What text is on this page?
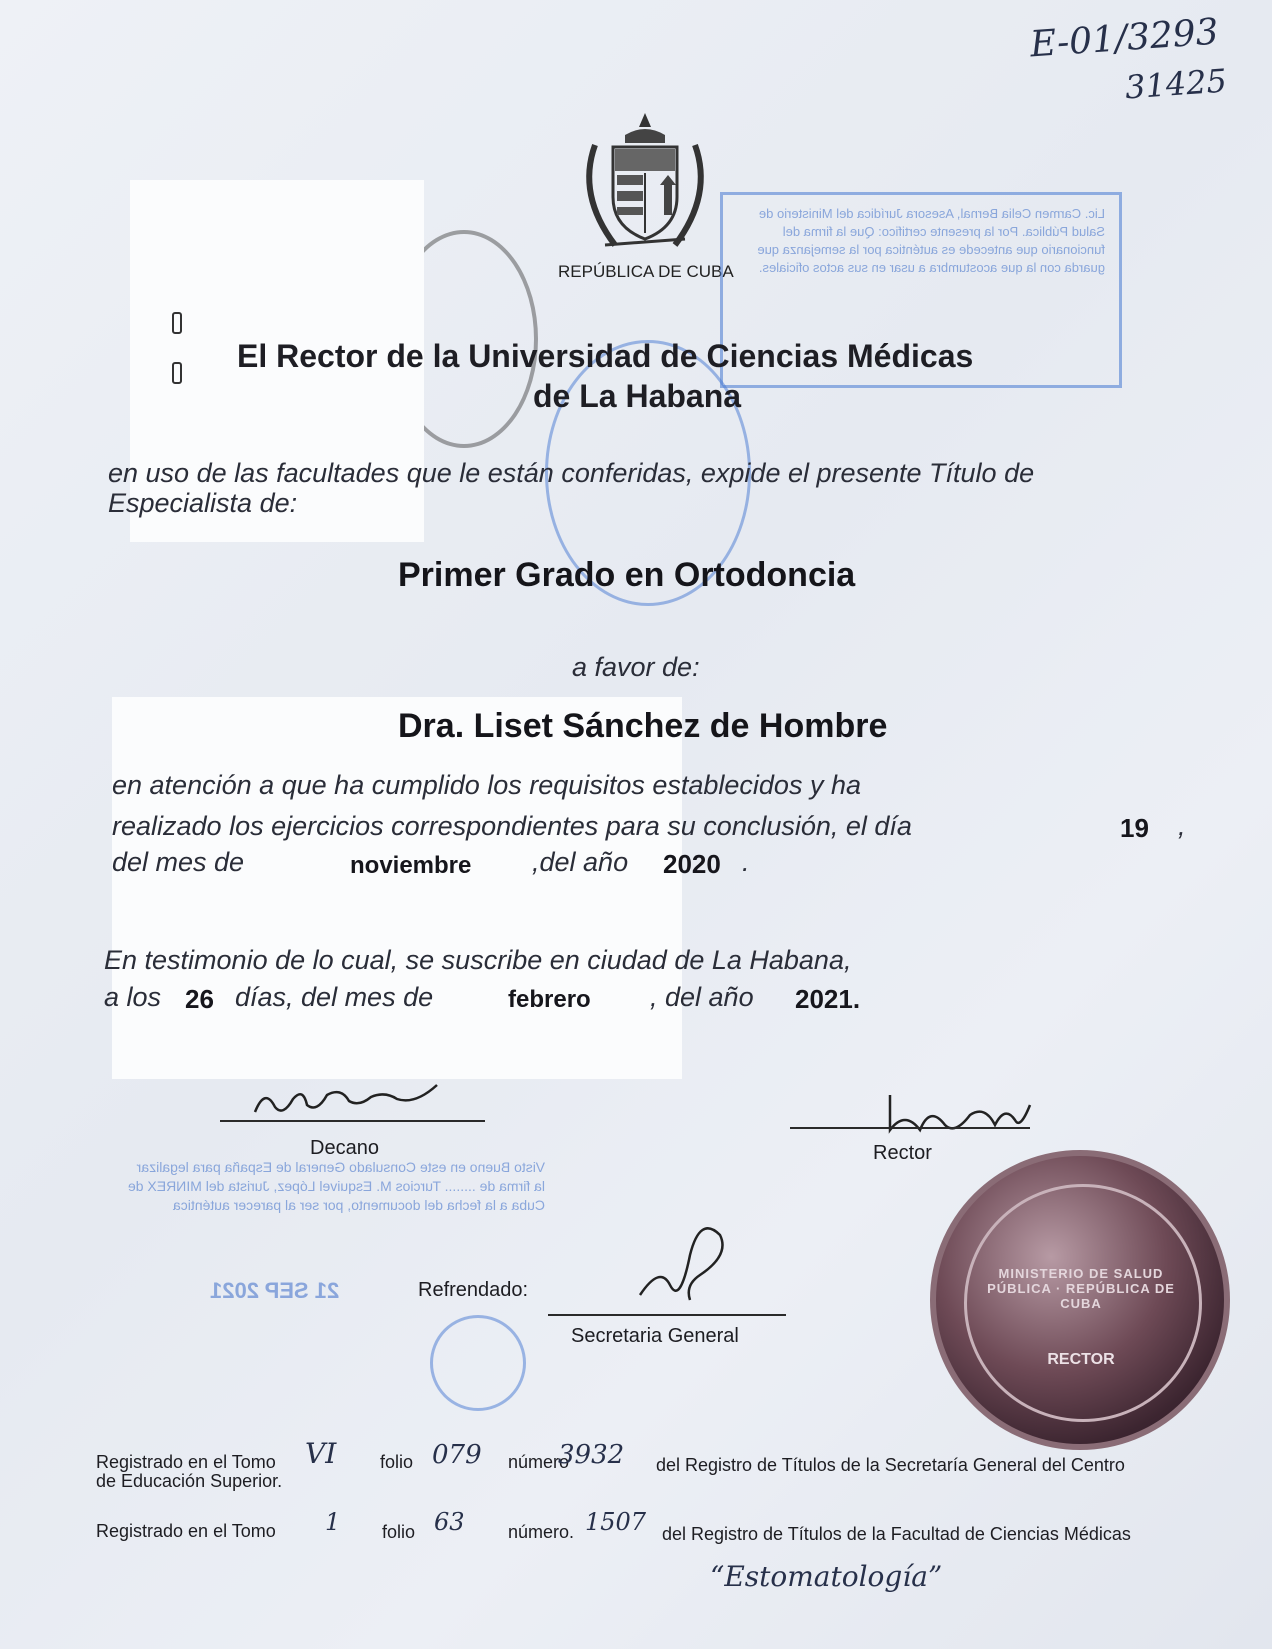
E-01/3293
31425
REPÚBLICA DE CUBA
Lic. Carmen Celia Bernal, Asesora Jurídica del Ministerio de Salud Pública. Por la presente certifico: Que la firma del funcionario que antecede es auténtica por la semejanza que guarda con la que acostumbra a usar en sus actos oficiales.
El Rector de la Universidad de Ciencias Médicas
de La Habana
en uso de las facultades que le están conferidas, expide el presente Título de
Especialista de:
Primer Grado en Ortodoncia
a favor de:
Dra. Liset Sánchez de Hombre
en atención a que ha cumplido los requisitos establecidos y ha
realizado los ejercicios correspondientes para su conclusión, el día	19 ,
del mes de	noviembre ,del año 2020 .
En testimonio de lo cual, se suscribe en ciudad de La Habana,
a los 26 días, del mes de	febrero , del año 2021.
Decano	Rector
Visto Bueno en este Consulado General de España para legalizar la firma de ........ Turcios M. Esquivel López, Jurista del MINREX de Cuba a la fecha del documento, por ser al parecer auténtica
21 SEP 2021	Refrendado:
Secretaria General
MINISTERIO DE SALUD PÚBLICA · REPÚBLICA DE CUBA
RECTOR
Registrado en el Tomo VI folio 079 número
3932 del Registro de Títulos de la Secretaría General del Centro
de Educación Superior.
Registrado en el Tomo 1 folio 63 número. 1507 del Registro de Títulos de la Facultad de Ciencias Médicas
“Estomatología”
